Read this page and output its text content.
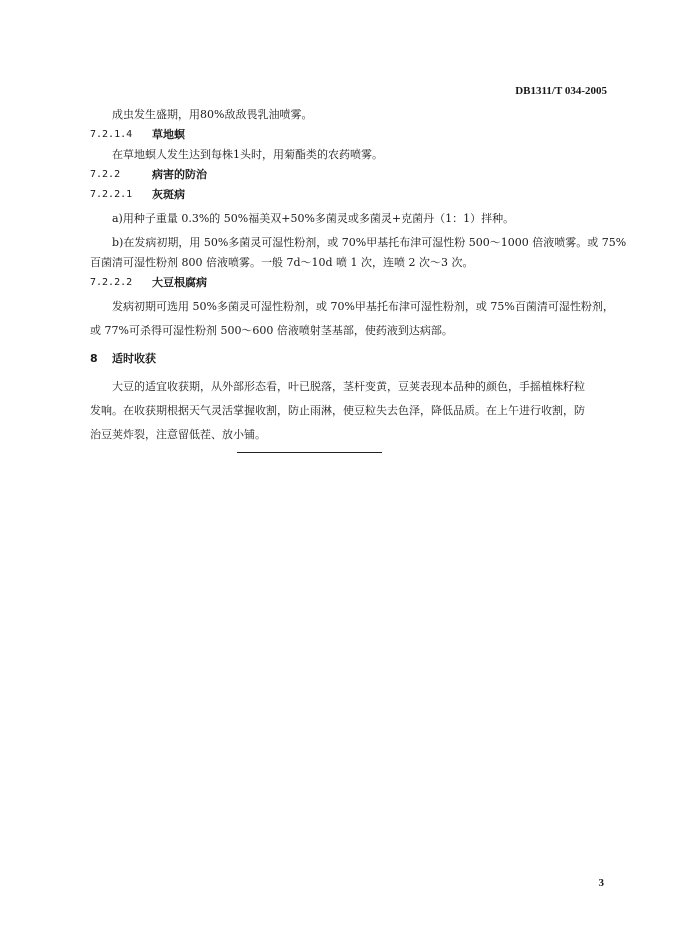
DB1311/T 034-2005
成虫发生盛期，用80%敌敌畏乳油喷雾。
7.2.1.4	草地螟
在草地螟人发生达到每株1头时，用菊酯类的农药喷雾。
7.2.2	病害的防治
7.2.2.1	灰斑病
a)用种子重量 0.3%的 50%福美双+50%多菌灵或多菌灵+克菌丹（1：1）拌种。
b)在发病初期，用 50%多菌灵可湿性粉剂，或 70%甲基托布津可湿性粉 500～1000 倍液喷雾。或 75%
百菌清可湿性粉剂 800 倍液喷雾。一般 7d～10d 喷 1 次，连喷 2 次～3 次。
7.2.2.2	大豆根腐病
发病初期可选用 50%多菌灵可湿性粉剂，或 70%甲基托布津可湿性粉剂，或 75%百菌清可湿性粉剂，
或 77%可杀得可湿性粉剂 500～600 倍液喷射茎基部，使药液到达病部。
8	适时收获
大豆的适宜收获期，从外部形态看，叶已脱落，茎杆变黄，豆荚表现本品种的颜色，手摇植株籽粒
发响。在收获期根据天气灵活掌握收割，防止雨淋，使豆粒失去色泽，降低品质。在上午进行收割，防
治豆荚炸裂，注意留低茬、放小铺。
3
